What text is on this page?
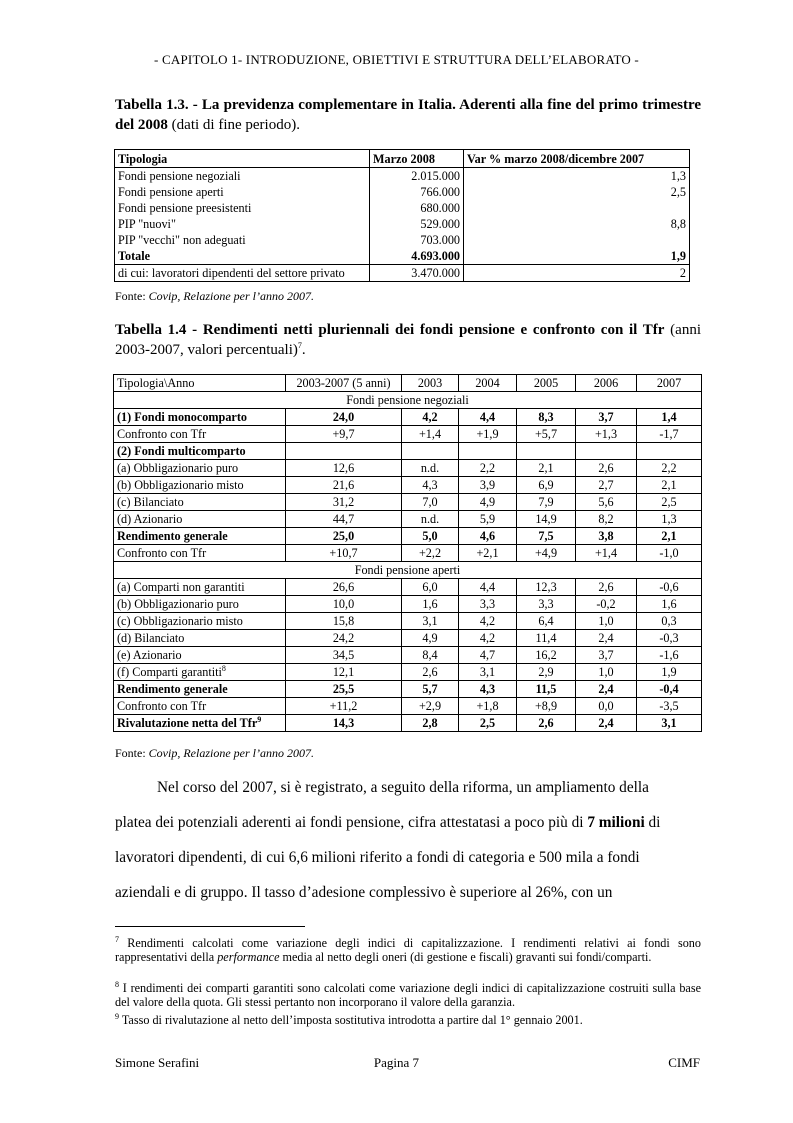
- CAPITOLO 1- INTRODUZIONE, OBIETTIVI E STRUTTURA DELL’ELABORATO -
Tabella 1.3. - La previdenza complementare in Italia. Aderenti alla fine del primo trimestre del 2008 (dati di fine periodo).
Tipologia	Marzo 2008	Var % marzo 2008/dicembre 2007
Fondi pensione negoziali	2.015.000	1,3
Fondi pensione aperti	766.000	2,5
Fondi pensione preesistenti	680.000	
PIP "nuovi"	529.000	8,8
PIP "vecchi" non adeguati	703.000	
Totale	4.693.000	1,9
di cui: lavoratori dipendenti del settore privato	3.470.000	2
Fonte: Covip, Relazione per l’anno 2007.
Tabella 1.4 - Rendimenti netti pluriennali dei fondi pensione e confronto con il Tfr (anni 2003-2007, valori percentuali)$^7$.
Tipologia\Anno	2003-2007 (5 anni)	2003	2004	2005	2006	2007
Fondi pensione negoziali						
(1) Fondi monocomparto	24,0	4,2	4,4	8,3	3,7	1,4
Confronto con Tfr	+9,7	+1,4	+1,9	+5,7	+1,3	-1,7
(2) Fondi multicomparto						
(a) Obbligazionario puro	12,6	n.d.	2,2	2,1	2,6	2,2
(b) Obbligazionario misto	21,6	4,3	3,9	6,9	2,7	2,1
(c) Bilanciato	31,2	7,0	4,9	7,9	5,6	2,5
(d) Azionario	44,7	n.d.	5,9	14,9	8,2	1,3
Rendimento generale	25,0	5,0	4,6	7,5	3,8	2,1
Confronto con Tfr	+10,7	+2,2	+2,1	+4,9	+1,4	-1,0
Fondi pensione aperti						
(a) Comparti non garantiti	26,6	6,0	4,4	12,3	2,6	-0,6
(b) Obbligazionario puro	10,0	1,6	3,3	3,3	-0,2	1,6
(c) Obbligazionario misto	15,8	3,1	4,2	6,4	1,0	0,3
(d) Bilanciato	24,2	4,9	4,2	11,4	2,4	-0,3
(e) Azionario	34,5	8,4	4,7	16,2	3,7	-1,6
(f) Comparti garantiti$^8$	12,1	2,6	3,1	2,9	1,0	1,9
Rendimento generale	25,5	5,7	4,3	11,5	2,4	-0,4
Confronto con Tfr	+11,2	+2,9	+1,8	+8,9	0,0	-3,5
Rivalutazione netta del Tfr$^9$	14,3	2,8	2,5	2,6	2,4	3,1
Fonte: Covip, Relazione per l’anno 2007.
Nel corso del 2007, si è registrato, a seguito della riforma, un ampliamento della
platea dei potenziali aderenti ai fondi pensione, cifra attestatasi a poco più di 7 milioni di
lavoratori dipendenti, di cui 6,6 milioni riferito a fondi di categoria e 500 mila a fondi
aziendali e di gruppo. Il tasso d’adesione complessivo è superiore al 26%, con un
$^7$ Rendimenti calcolati come variazione degli indici di capitalizzazione. I rendimenti relativi ai fondi sono rappresentativi della performance media al netto degli oneri (di gestione e fiscali) gravanti sui fondi/comparti.
$^8$ I rendimenti dei comparti garantiti sono calcolati come variazione degli indici di capitalizzazione costruiti sulla base del valore della quota. Gli stessi pertanto non incorporano il valore della garanzia.
$^9$ Tasso di rivalutazione al netto dell’imposta sostitutiva introdotta a partire dal 1° gennaio 2001.
Simone Serafini	Pagina 7	CIMF
